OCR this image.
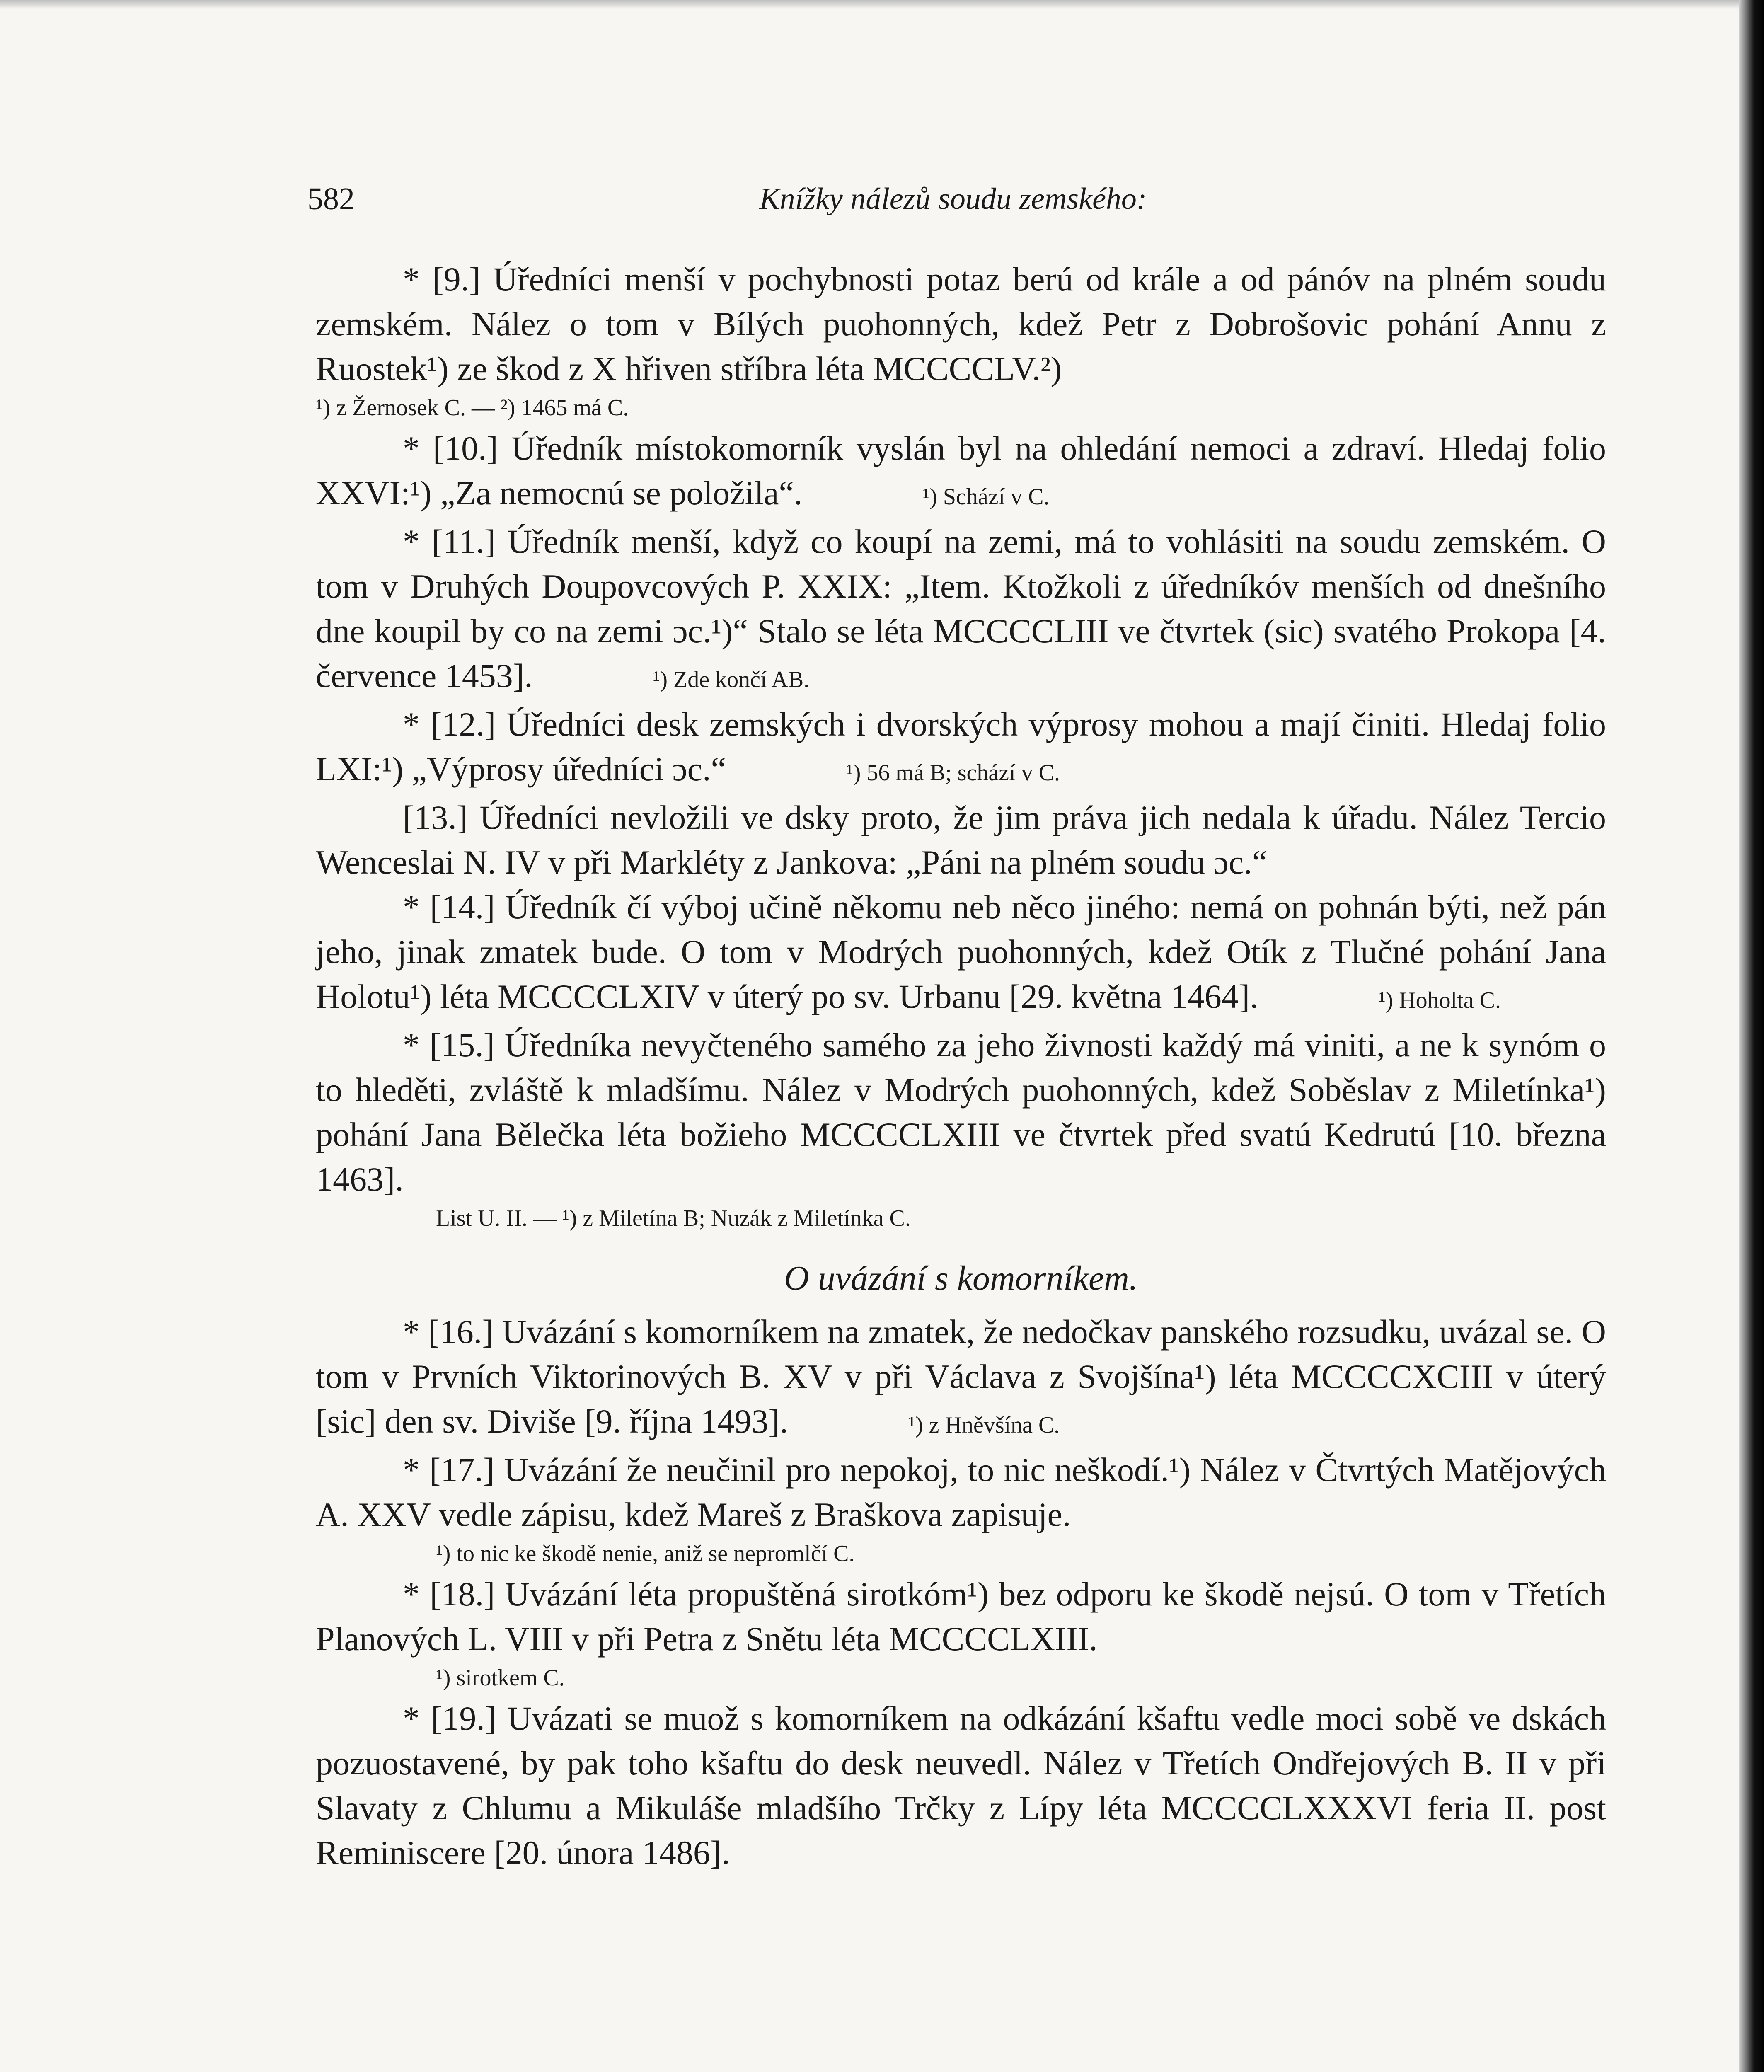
582	Knížky nálezů soudu zemského:

* [9.] Úředníci menší v pochybnosti potaz berú od krále a od pánóv na plném soudu zemském. Nález o tom v Bílých puohonných, kdež Petr z Dobrošovic pohání Annu z Ruostek¹) ze škod z X hřiven stříbra léta MCCCCLV.²)

¹) z Žernosek C. — ²) 1465 má C.

* [10.] Úředník místokomorník vyslán byl na ohledání nemoci a zdraví. Hledaj folio XXVI:¹) „Za nemocnú se položila“.	¹) Schází v C.

* [11.] Úředník menší, když co koupí na zemi, má to vohlásiti na soudu zemském. O tom v Druhých Doupovcových P. XXIX: „Item. Ktožkoli z úředníkóv menších od dnešního dne koupil by co na zemi ɔc.¹)“ Stalo se léta MCCCCLIII ve čtvrtek (sic) svatého Prokopa [4. července 1453].	¹) Zde končí AB.

* [12.] Úředníci desk zemských i dvorských výprosy mohou a mají činiti. Hledaj folio LXI:¹) „Výprosy úředníci ɔc.“	¹) 56 má B; schází v C.

[13.] Úředníci nevložili ve dsky proto, že jim práva jich nedala k úřadu. Nález Tercio Wenceslai N. IV v při Markléty z Jankova: „Páni na plném soudu ɔc.“

* [14.] Úředník čí výboj učině někomu neb něco jiného: nemá on pohnán býti, než pán jeho, jinak zmatek bude. O tom v Modrých puohonných, kdež Otík z Tlučné pohání Jana Holotu¹) léta MCCCCLXIV v úterý po sv. Urbanu [29. května 1464].	¹) Hoholta C.

* [15.] Úředníka nevyčteného samého za jeho živnosti každý má viniti, a ne k synóm o to hleděti, zvláště k mladšímu. Nález v Modrých puohonných, kdež Soběslav z Miletínka¹) pohání Jana Bělečka léta božieho MCCCCLXIII ve čtvrtek před svatú Kedrutú [10. března 1463].

List U. II. — ¹) z Miletína B; Nuzák z Miletínka C.

O uvázání s komorníkem.

* [16.] Uvázání s komorníkem na zmatek, že nedočkav panského rozsudku, uvázal se. O tom v Prvních Viktorinových B. XV v při Václava z Svojšína¹) léta MCCCCXCIII v úterý [sic] den sv. Diviše [9. října 1493].	¹) z Hněvšína C.

* [17.] Uvázání že neučinil pro nepokoj, to nic neškodí.¹) Nález v Čtvrtých Matějových A. XXV vedle zápisu, kdež Mareš z Braškova zapisuje.

¹) to nic ke škodě nenie, aniž se nepromlčí C.

* [18.] Uvázání léta propuštěná sirotkóm¹) bez odporu ke škodě nejsú. O tom v Třetích Planových L. VIII v při Petra z Snětu léta MCCCCLXIII.

¹) sirotkem C.

* [19.] Uvázati se muož s komorníkem na odkázání kšaftu vedle moci sobě ve dskách pozuostavené, by pak toho kšaftu do desk neuvedl. Nález v Třetích Ondřejových B. II v při Slavaty z Chlumu a Mikuláše mladšího Trčky z Lípy léta MCCCCLXXXVI feria II. post Reminiscere [20. února 1486].
